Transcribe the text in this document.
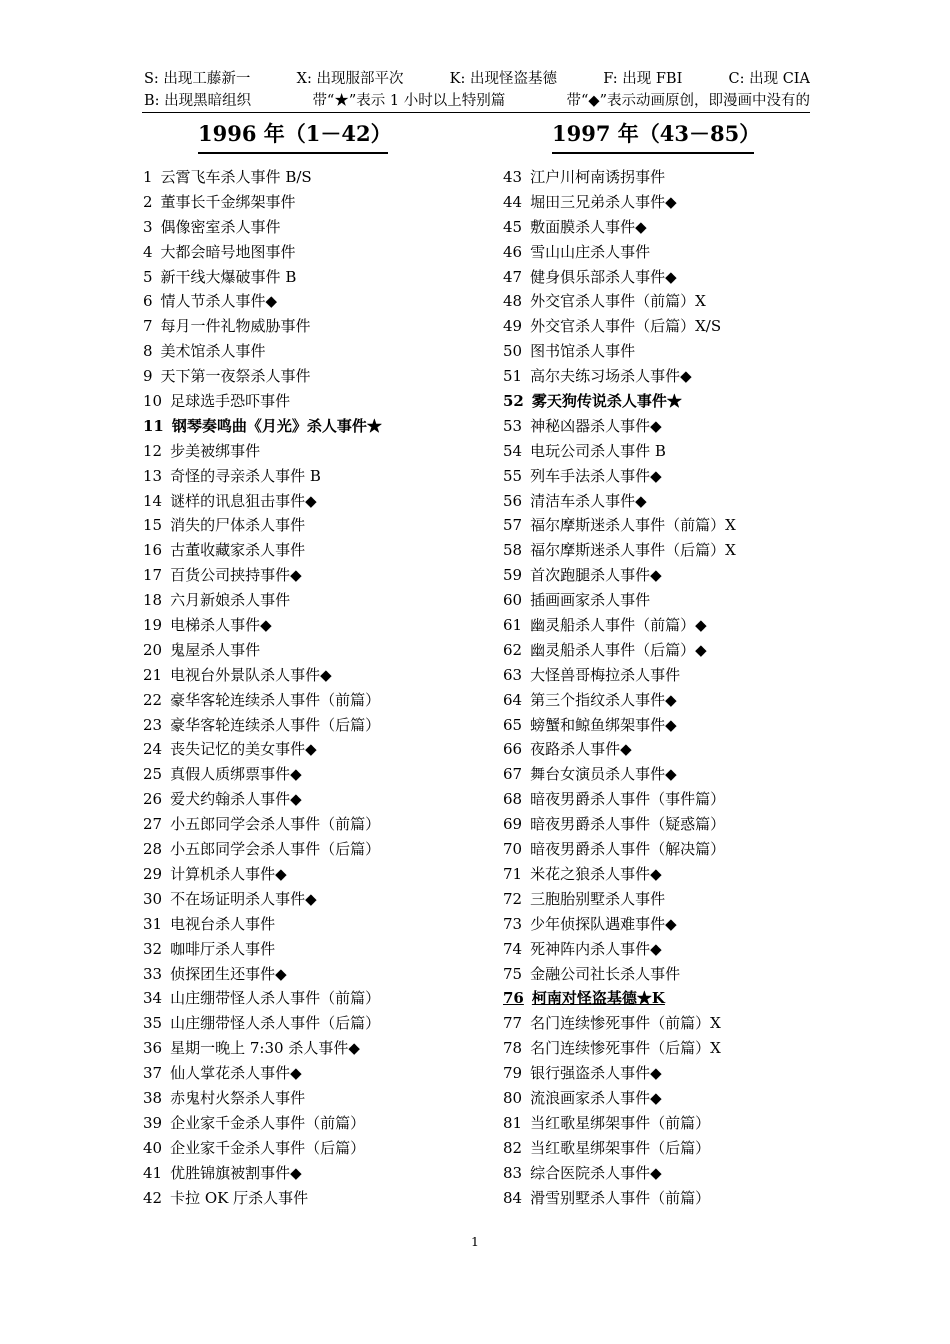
S: 出现工藤新一	X: 出现服部平次	K: 出现怪盗基德	F: 出现 FBI	C: 出现 CIA
B: 出现黑暗组织	带“★”表示 1 小时以上特别篇	带“◆”表示动画原创，即漫画中没有的
1996 年（1－42）	1997 年（43－85）
1 云霄飞车杀人事件 B/S
2 董事长千金绑架事件
3 偶像密室杀人事件
4 大都会暗号地图事件
5 新干线大爆破事件 B
6 情人节杀人事件◆
7 每月一件礼物威胁事件
8 美术馆杀人事件
9 天下第一夜祭杀人事件
10 足球选手恐吓事件
11 钢琴奏鸣曲《月光》杀人事件★
12 步美被绑事件
13 奇怪的寻亲杀人事件 B
14 谜样的讯息狙击事件◆
15 消失的尸体杀人事件
16 古董收藏家杀人事件
17 百货公司挟持事件◆
18 六月新娘杀人事件
19 电梯杀人事件◆
20 鬼屋杀人事件
21 电视台外景队杀人事件◆
22 豪华客轮连续杀人事件（前篇）
23 豪华客轮连续杀人事件（后篇）
24 丧失记忆的美女事件◆
25 真假人质绑票事件◆
26 爱犬约翰杀人事件◆
27 小五郎同学会杀人事件（前篇）
28 小五郎同学会杀人事件（后篇）
29 计算机杀人事件◆
30 不在场证明杀人事件◆
31 电视台杀人事件
32 咖啡厅杀人事件
33 侦探团生还事件◆
34 山庄绷带怪人杀人事件（前篇）
35 山庄绷带怪人杀人事件（后篇）
36 星期一晚上 7:30 杀人事件◆
37 仙人掌花杀人事件◆
38 赤鬼村火祭杀人事件
39 企业家千金杀人事件（前篇）
40 企业家千金杀人事件（后篇）
41 优胜锦旗被割事件◆
42 卡拉 OK 厅杀人事件
43 江户川柯南诱拐事件
44 堀田三兄弟杀人事件◆
45 敷面膜杀人事件◆
46 雪山山庄杀人事件
47 健身俱乐部杀人事件◆
48 外交官杀人事件（前篇）X
49 外交官杀人事件（后篇）X/S
50 图书馆杀人事件
51 高尔夫练习场杀人事件◆
52 雾天狗传说杀人事件★
53 神秘凶器杀人事件◆
54 电玩公司杀人事件 B
55 列车手法杀人事件◆
56 清洁车杀人事件◆
57 福尔摩斯迷杀人事件（前篇）X
58 福尔摩斯迷杀人事件（后篇）X
59 首次跑腿杀人事件◆
60 插画画家杀人事件
61 幽灵船杀人事件（前篇）◆
62 幽灵船杀人事件（后篇）◆
63 大怪兽哥梅拉杀人事件
64 第三个指纹杀人事件◆
65 螃蟹和鲸鱼绑架事件◆
66 夜路杀人事件◆
67 舞台女演员杀人事件◆
68 暗夜男爵杀人事件（事件篇）
69 暗夜男爵杀人事件（疑惑篇）
70 暗夜男爵杀人事件（解决篇）
71 米花之狼杀人事件◆
72 三胞胎别墅杀人事件
73 少年侦探队遇难事件◆
74 死神阵内杀人事件◆
75 金融公司社长杀人事件
76 柯南对怪盗基德★K
77 名门连续惨死事件（前篇）X
78 名门连续惨死事件（后篇）X
79 银行强盗杀人事件◆
80 流浪画家杀人事件◆
81 当红歌星绑架事件（前篇）
82 当红歌星绑架事件（后篇）
83 综合医院杀人事件◆
84 滑雪别墅杀人事件（前篇）
1
